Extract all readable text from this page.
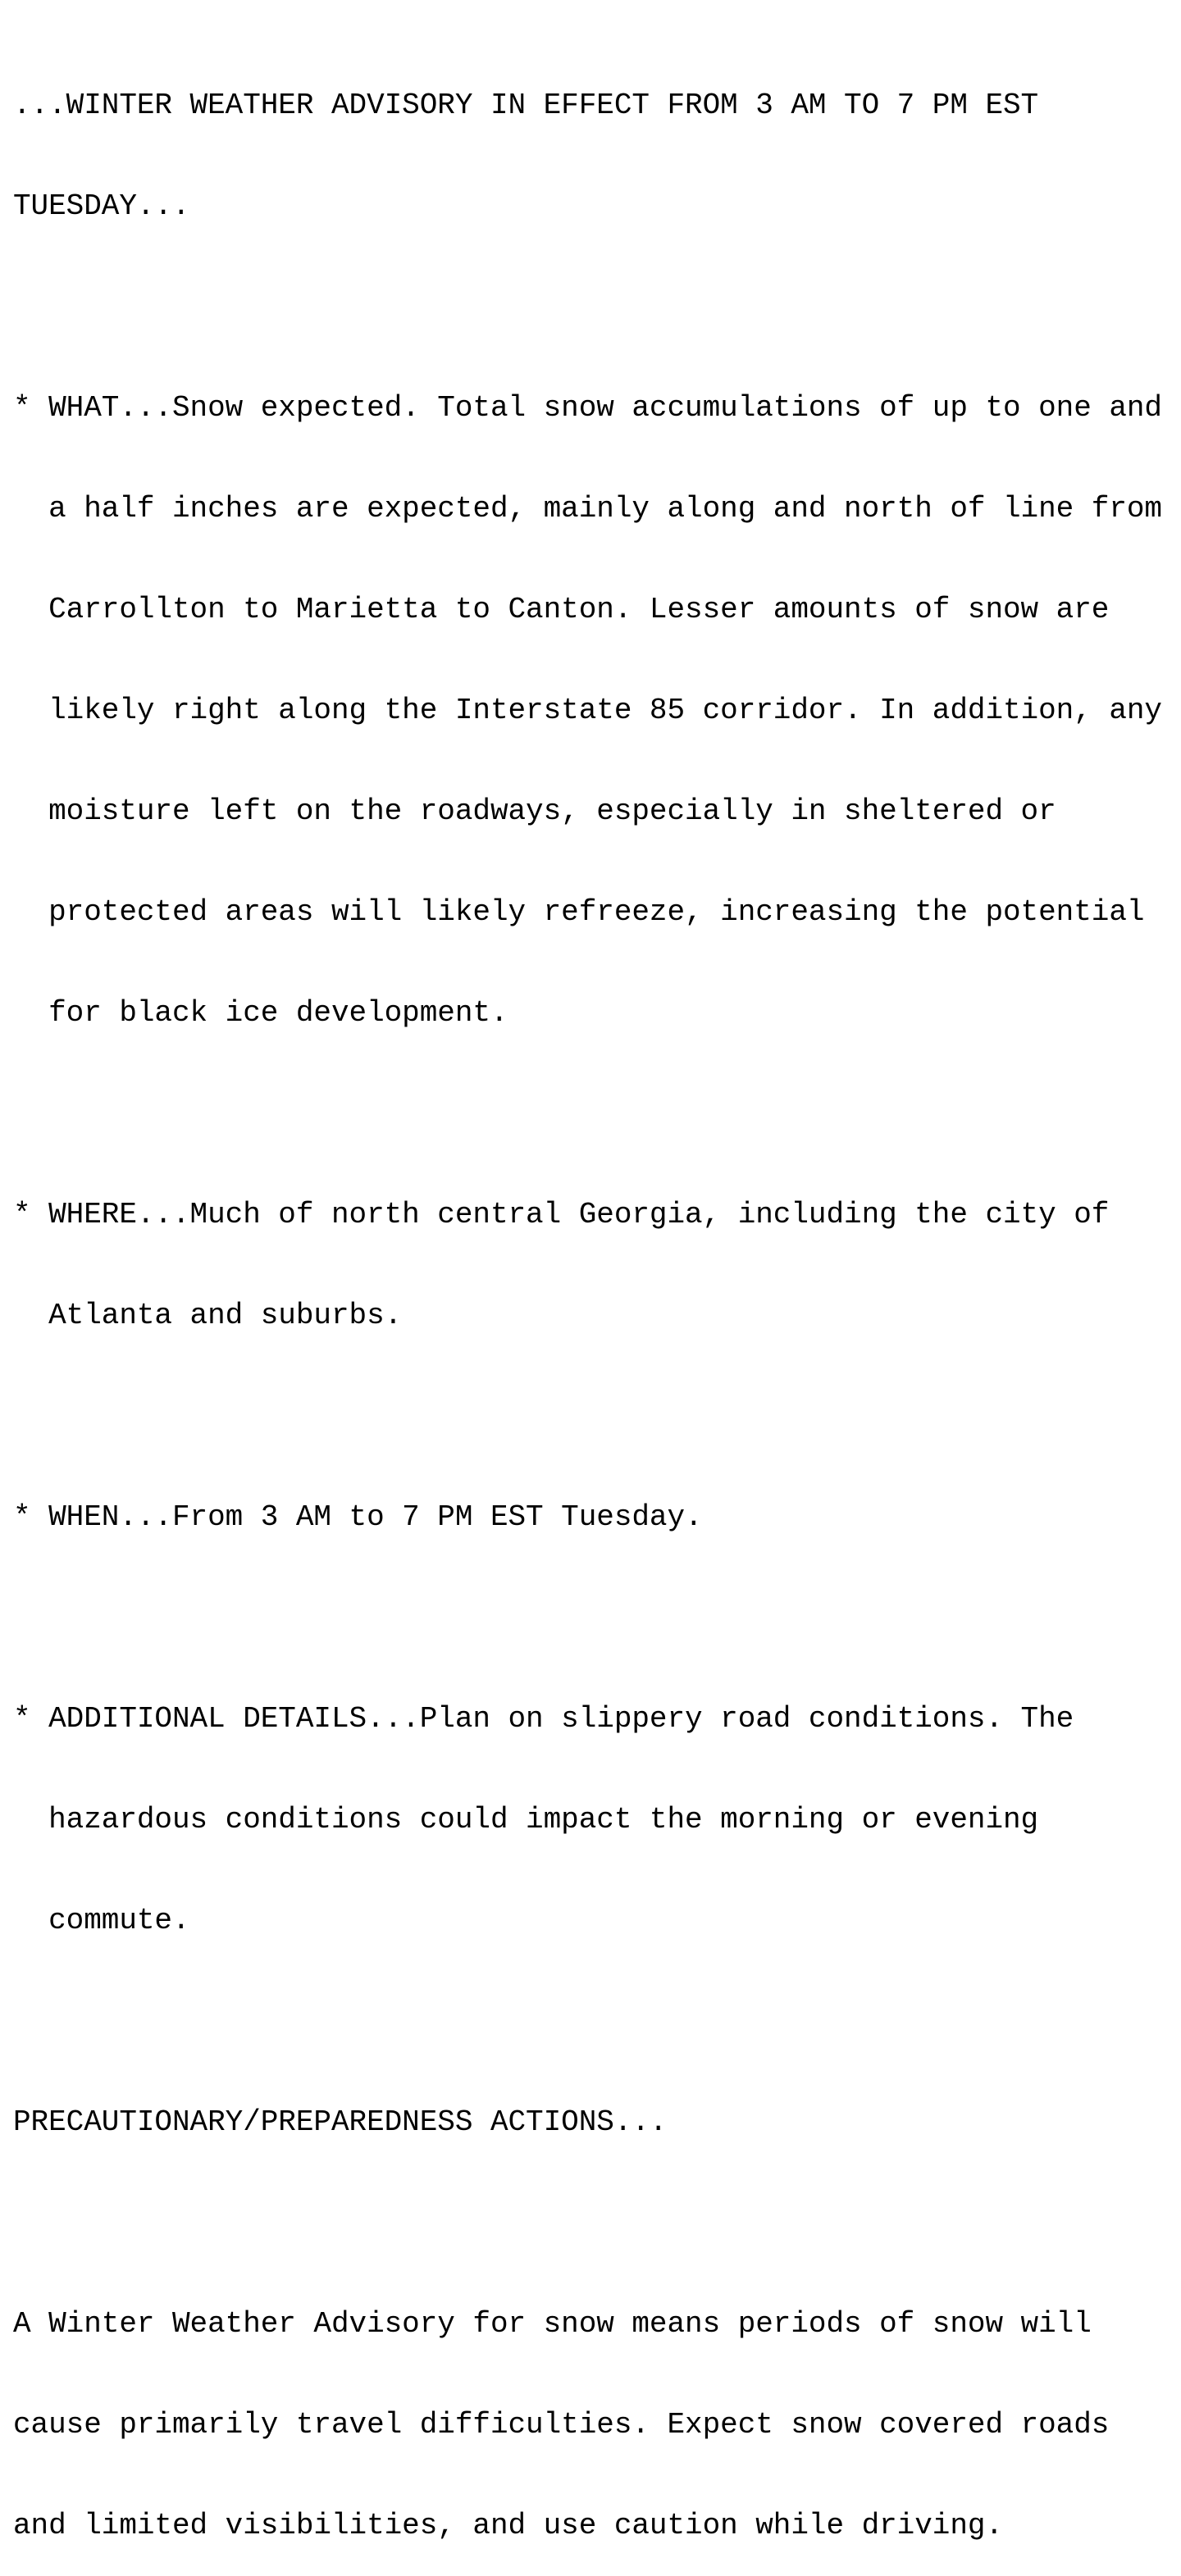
...WINTER WEATHER ADVISORY IN EFFECT FROM 3 AM TO 7 PM EST

TUESDAY...

* WHAT...Snow expected. Total snow accumulations of up to one and

a half inches are expected, mainly along and north of line from

Carrollton to Marietta to Canton. Lesser amounts of snow are

likely right along the Interstate 85 corridor. In addition, any

moisture left on the roadways, especially in sheltered or

protected areas will likely refreeze, increasing the potential

for black ice development.

* WHERE...Much of north central Georgia, including the city of

Atlanta and suburbs.

* WHEN...From 3 AM to 7 PM EST Tuesday.

* ADDITIONAL DETAILS...Plan on slippery road conditions. The

hazardous conditions could impact the morning or evening

commute.

PRECAUTIONARY/PREPAREDNESS ACTIONS...

A Winter Weather Advisory for snow means periods of snow will

cause primarily travel difficulties. Expect snow covered roads

and limited visibilities, and use caution while driving.
